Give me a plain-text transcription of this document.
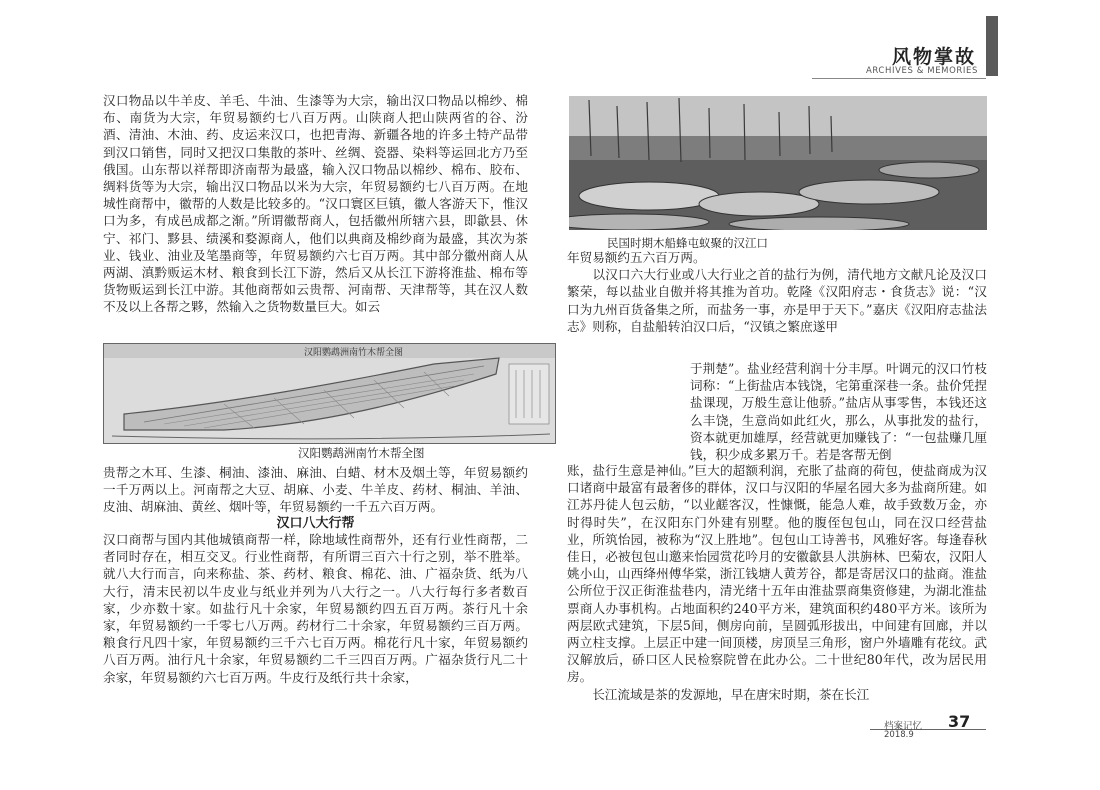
风物掌故
ARCHIVES & MEMORIES
汉口物品以牛羊皮、羊毛、牛油、生漆等为大宗，输出汉口物品以棉纱、棉布、南货为大宗，年贸易额约七八百万两。山陕商人把山陕两省的谷、汾酒、清油、木油、药、皮运来汉口，也把青海、新疆各地的许多土特产品带到汉口销售，同时又把汉口集散的茶叶、丝绸、瓷器、染料等运回北方乃至俄国。山东帮以祥帮即济南帮为最盛，输入汉口物品以棉纱、棉布、胶布、绸料货等为大宗，输出汉口物品以米为大宗，年贸易额约七八百万两。在地城性商帮中，徽帮的人数是比较多的。“汉口寰区巨镇，徽人客游天下，惟汉口为多，有成邑成都之渐。”所谓徽帮商人，包括徽州所辖六县，即歙县、休宁、祁门、黟县、绩溪和婺源商人，他们以典商及棉纱商为最盛，其次为茶业、钱业、油业及笔墨商等，年贸易额约六七百万两。其中部分徽州商人从两湖、滇黔贩运木材、粮食到长江下游，然后又从长江下游将淮盐、棉布等货物贩运到长江中游。其他商帮如云贵帮、河南帮、天津帮等，其在汉人数不及以上各帮之夥，然输入之货物数量巨大。如云
汉阳鹦鹉洲南竹木帮全图
汉阳鹦鹉洲南竹木帮全图
贵帮之木耳、生漆、桐油、漆油、麻油、白蜡、材木及烟土等，年贸易额约一千万两以上。河南帮之大豆、胡麻、小麦、牛羊皮、药材、桐油、羊油、皮油、胡麻油、黄丝、烟叶等，年贸易额约一千五六百万两。
汉口八大行帮
汉口商帮与国内其他城镇商帮一样，除地域性商帮外，还有行业性商帮，二者同时存在，相互交叉。行业性商帮，有所谓三百六十行之别，举不胜举。就八大行而言，向来称盐、茶、药材、粮食、棉花、油、广福杂货、纸为八大行，清末民初以牛皮业与纸业并列为八大行之一。八大行每行多者数百家，少亦数十家。如盐行凡十余家，年贸易额约四五百万两。茶行凡十余家，年贸易额约一千零七八万两。药材行二十余家，年贸易额约三百万两。粮食行凡四十家，年贸易额约三千六七百万两。棉花行凡十家，年贸易额约八百万两。油行凡十余家，年贸易额约二千三四百万两。广福杂货行凡二十余家，年贸易额约六七百万两。牛皮行及纸行共十余家，
民国时期木船蜂屯蚁聚的汉江口
年贸易额约五六百万两。
　　以汉口六大行业或八大行业之首的盐行为例，清代地方文献凡论及汉口繁荣，每以盐业自傲并将其推为首功。乾隆《汉阳府志・食货志》说：“汉口为九州百货备集之所，而盐务一事，亦是甲于天下。”嘉庆《汉阳府志盐法志》则称，自盐船转泊汉口后，“汉镇之繁庶遂甲
于荆楚”。盐业经营利润十分丰厚。叶调元的汉口竹枝词称：“上街盐店本钱饶，宅第重深巷一条。盐价凭捏盐课现，万般生意让他骄。”盐店从事零售，本钱还这么丰饶，生意尚如此红火，那么，从事批发的盐行，资本就更加雄厚，经营就更加赚钱了：“一包盐赚几厘钱，积少成多累万千。若是客帮无倒
账，盐行生意是神仙。”巨大的超额利润，充胀了盐商的荷包，使盐商成为汉口诸商中最富有最奢侈的群体，汉口与汉阳的华屋名园大多为盐商所建。如江苏丹徒人包云舫，“以业鹾客汉，性慷慨，能急人难，故手致数万金，亦时得时失”，在汉阳东门外建有别墅。他的腹侄包包山，同在汉口经营盐业，所筑怡园，被称为“汉上胜地”。包包山工诗善书，风雅好客。每逢春秋佳日，必被包包山邀来怡园赏花吟月的安徽歙县人洪旃林、巴菊农，汉阳人姚小山，山西绛州傅华棠，浙江钱塘人黄芳谷，都是寄居汉口的盐商。淮盐公所位于汉正街淮盐巷内，清光绪十五年由淮盐票商集资修建，为湖北淮盐票商人办事机构。占地面积约240平方米，建筑面积约480平方米。该所为两层欧式建筑，下层5间，侧房向前，呈圆弧形拔出，中间建有回廊，并以两立柱支撑。上层正中建一间顶楼，房顶呈三角形，窗户外墙雕有花纹。武汉解放后，硚口区人民检察院曾在此办公。二十世纪80年代，改为居民用房。
　　长江流域是茶的发源地，早在唐宋时期，茶在长江
档案记忆 37
2018.9
